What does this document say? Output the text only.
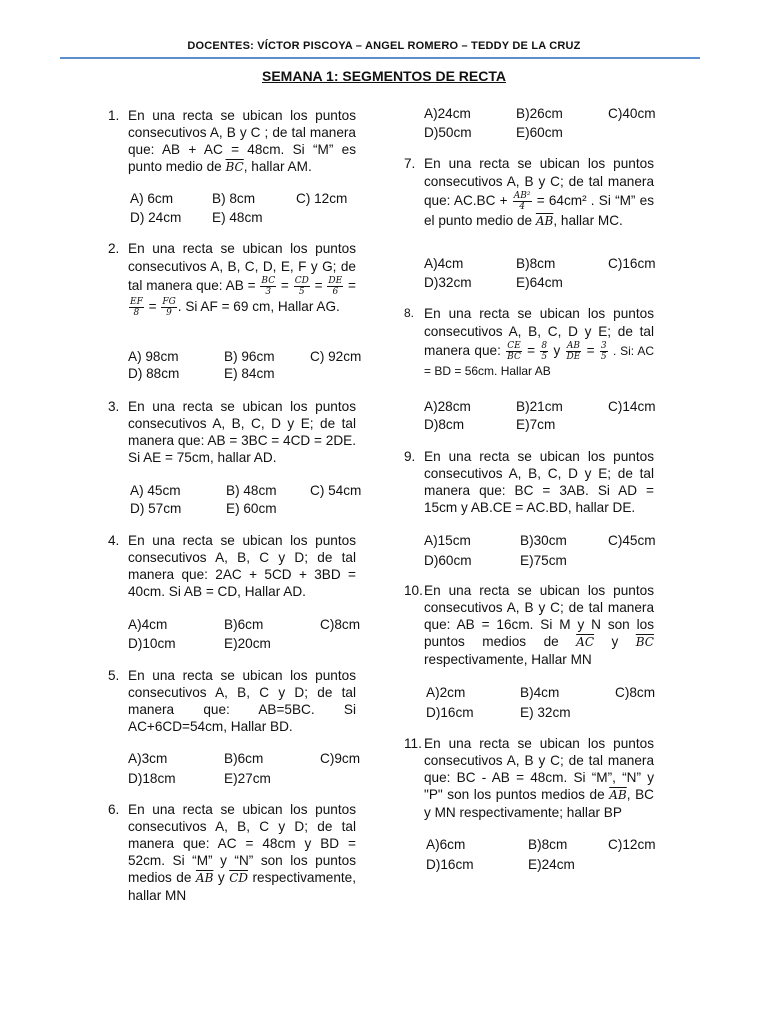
DOCENTES: VÍCTOR PISCOYA – ANGEL ROMERO – TEDDY DE LA CRUZ
SEMANA 1: SEGMENTOS DE RECTA
1. En una recta se ubican los puntos consecutivos A, B y C ; de tal manera que: AB + AC = 48cm. Si “M” es punto medio de $\overline{BC}$, hallar AM.
A) 6cm	B) 8cm	C) 12cm
D) 24cm E) 48cm
2. En una recta se ubican los puntos consecutivos A, B, C, D, E, F y G; de tal manera que: AB = $\frac{BC}{3} = \frac{CD}{5} = \frac{DE}{6}$ =
$\frac{EF}{8} = \frac{FG}{9}$ . Si AF = 69 cm, Hallar AG.
A) 98cm	B) 96cm	C) 92cm
D) 88cm	E) 84cm
3. En una recta se ubican los puntos consecutivos A, B, C, D y E; de tal manera que: AB = 3BC = 4CD = 2DE. Si AE = 75cm, hallar AD.
A) 45cm	B) 48cm C) 54cm
D) 57cm	E) 60cm
4. En una recta se ubican los puntos consecutivos A, B, C y D; de tal manera que: 2AC + 5CD + 3BD = 40cm. Si AB = CD, Hallar AD.
A)4cm	B)6cm	C)8cm
D)10cm	E)20cm
5. En una recta se ubican los puntos consecutivos A, B, C y D; de tal manera que: AB=5BC. Si AC+6CD=54cm, Hallar BD.
A)3cm	B)6cm	C)9cm
D)18cm	E)27cm
6. En una recta se ubican los puntos consecutivos A, B, C y D; de tal manera que: AC = 48cm y BD = 52cm. Si “M” y “N” son los puntos medios de $\overline{AB}$ y $\overline{CD}$ respectivamente, hallar MN
A)24cm	B)26cm	C)40cm
D)50cm	E)60cm
7. En una recta se ubican los puntos consecutivos A, B y C; de tal manera que: $AC.BC + \frac{\text{AB²}}{4} = 64cm^2$ . Si “M” es el punto medio de $\overline{AB}$, hallar MC.
A)4cm	B)8cm	C)16cm
D)32cm	E)64cm
8. En una recta se ubican los puntos consecutivos A, B, C, D y E; de tal manera que: $\frac{CE}{BC} = \frac{8}{5}$ y $\frac{AB}{DE} = \frac{3}{5}$ . Si: AC = BD = 56cm. Hallar AB
A)28cm	B)21cm	C)14cm
D)8cm	E)7cm
9. En una recta se ubican los puntos consecutivos A, B, C, D y E; de tal manera que: BC = 3AB. Si AD = 15cm y AB.CE = AC.BD, hallar DE.
A)15cm	B)30cm	C)45cm
D)60cm	E)75cm
10. En una recta se ubican los puntos consecutivos A, B y C; de tal manera que: AB = 16cm. Si M y N son los puntos medios de $\overline{AC}$ y $\overline{BC}$ respectivamente, Hallar MN
A)2cm	B)4cm	C)8cm
D)16cm	E) 32cm
11. En una recta se ubican los puntos consecutivos A, B y C; de tal manera que: BC - AB = 48cm. Si “M”, “N” y "P" son los puntos medios de $\overline{AB}$, BC y MN respectivamente; hallar BP
A)6cm	B)8cm	C)12cm
D)16cm	E)24cm
